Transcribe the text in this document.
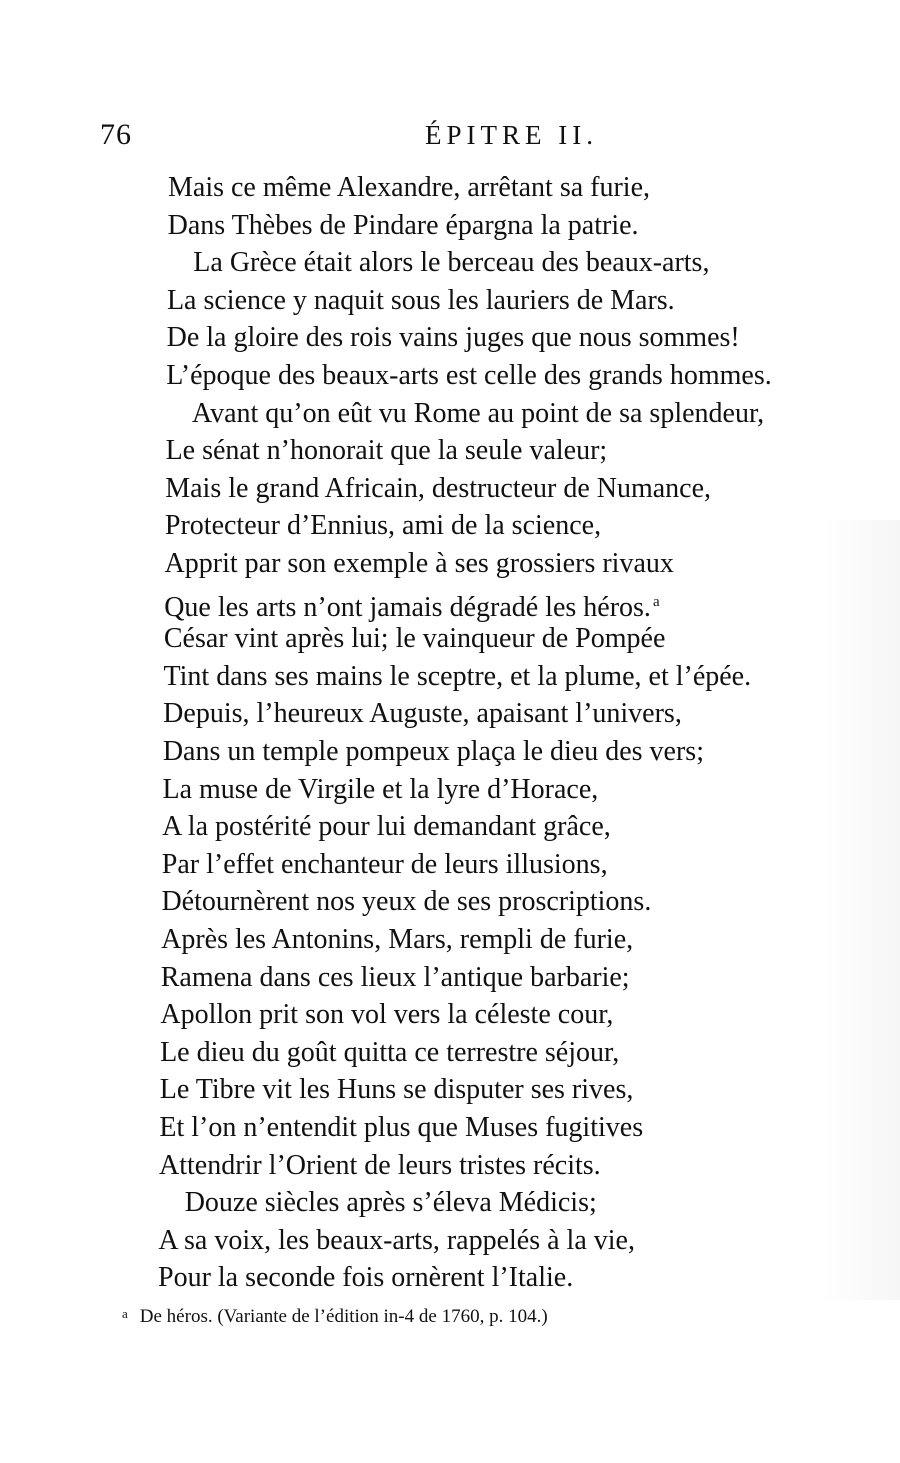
76	ÉPITRE II.
Mais ce même Alexandre, arrêtant sa furie,
Dans Thèbes de Pindare épargna la patrie.
La Grèce était alors le berceau des beaux-arts,
La science y naquit sous les lauriers de Mars.
De la gloire des rois vains juges que nous sommes!
L’époque des beaux-arts est celle des grands hommes.
Avant qu’on eût vu Rome au point de sa splendeur,
Le sénat n’honorait que la seule valeur;
Mais le grand Africain, destructeur de Numance,
Protecteur d’Ennius, ami de la science,
Apprit par son exemple à ses grossiers rivaux
Que les arts n’ont jamais dégradé les héros. $^a$
César vint après lui; le vainqueur de Pompée
Tint dans ses mains le sceptre, et la plume, et l’épée.
Depuis, l’heureux Auguste, apaisant l’univers,
Dans un temple pompeux plaça le dieu des vers;
La muse de Virgile et la lyre d’Horace,
A la postérité pour lui demandant grâce,
Par l’effet enchanteur de leurs illusions,
Détournèrent nos yeux de ses proscriptions.
Après les Antonins, Mars, rempli de furie,
Ramena dans ces lieux l’antique barbarie;
Apollon prit son vol vers la céleste cour,
Le dieu du goût quitta ce terrestre séjour,
Le Tibre vit les Huns se disputer ses rives,
Et l’on n’entendit plus que Muses fugitives
Attendrir l’Orient de leurs tristes récits.
Douze siècles après s’éleva Médicis;
A sa voix, les beaux-arts, rappelés à la vie,
Pour la seconde fois ornèrent l’Italie.
$^a$ De héros. (Variante de l’édition in-4 de 1760, p. 104.)
